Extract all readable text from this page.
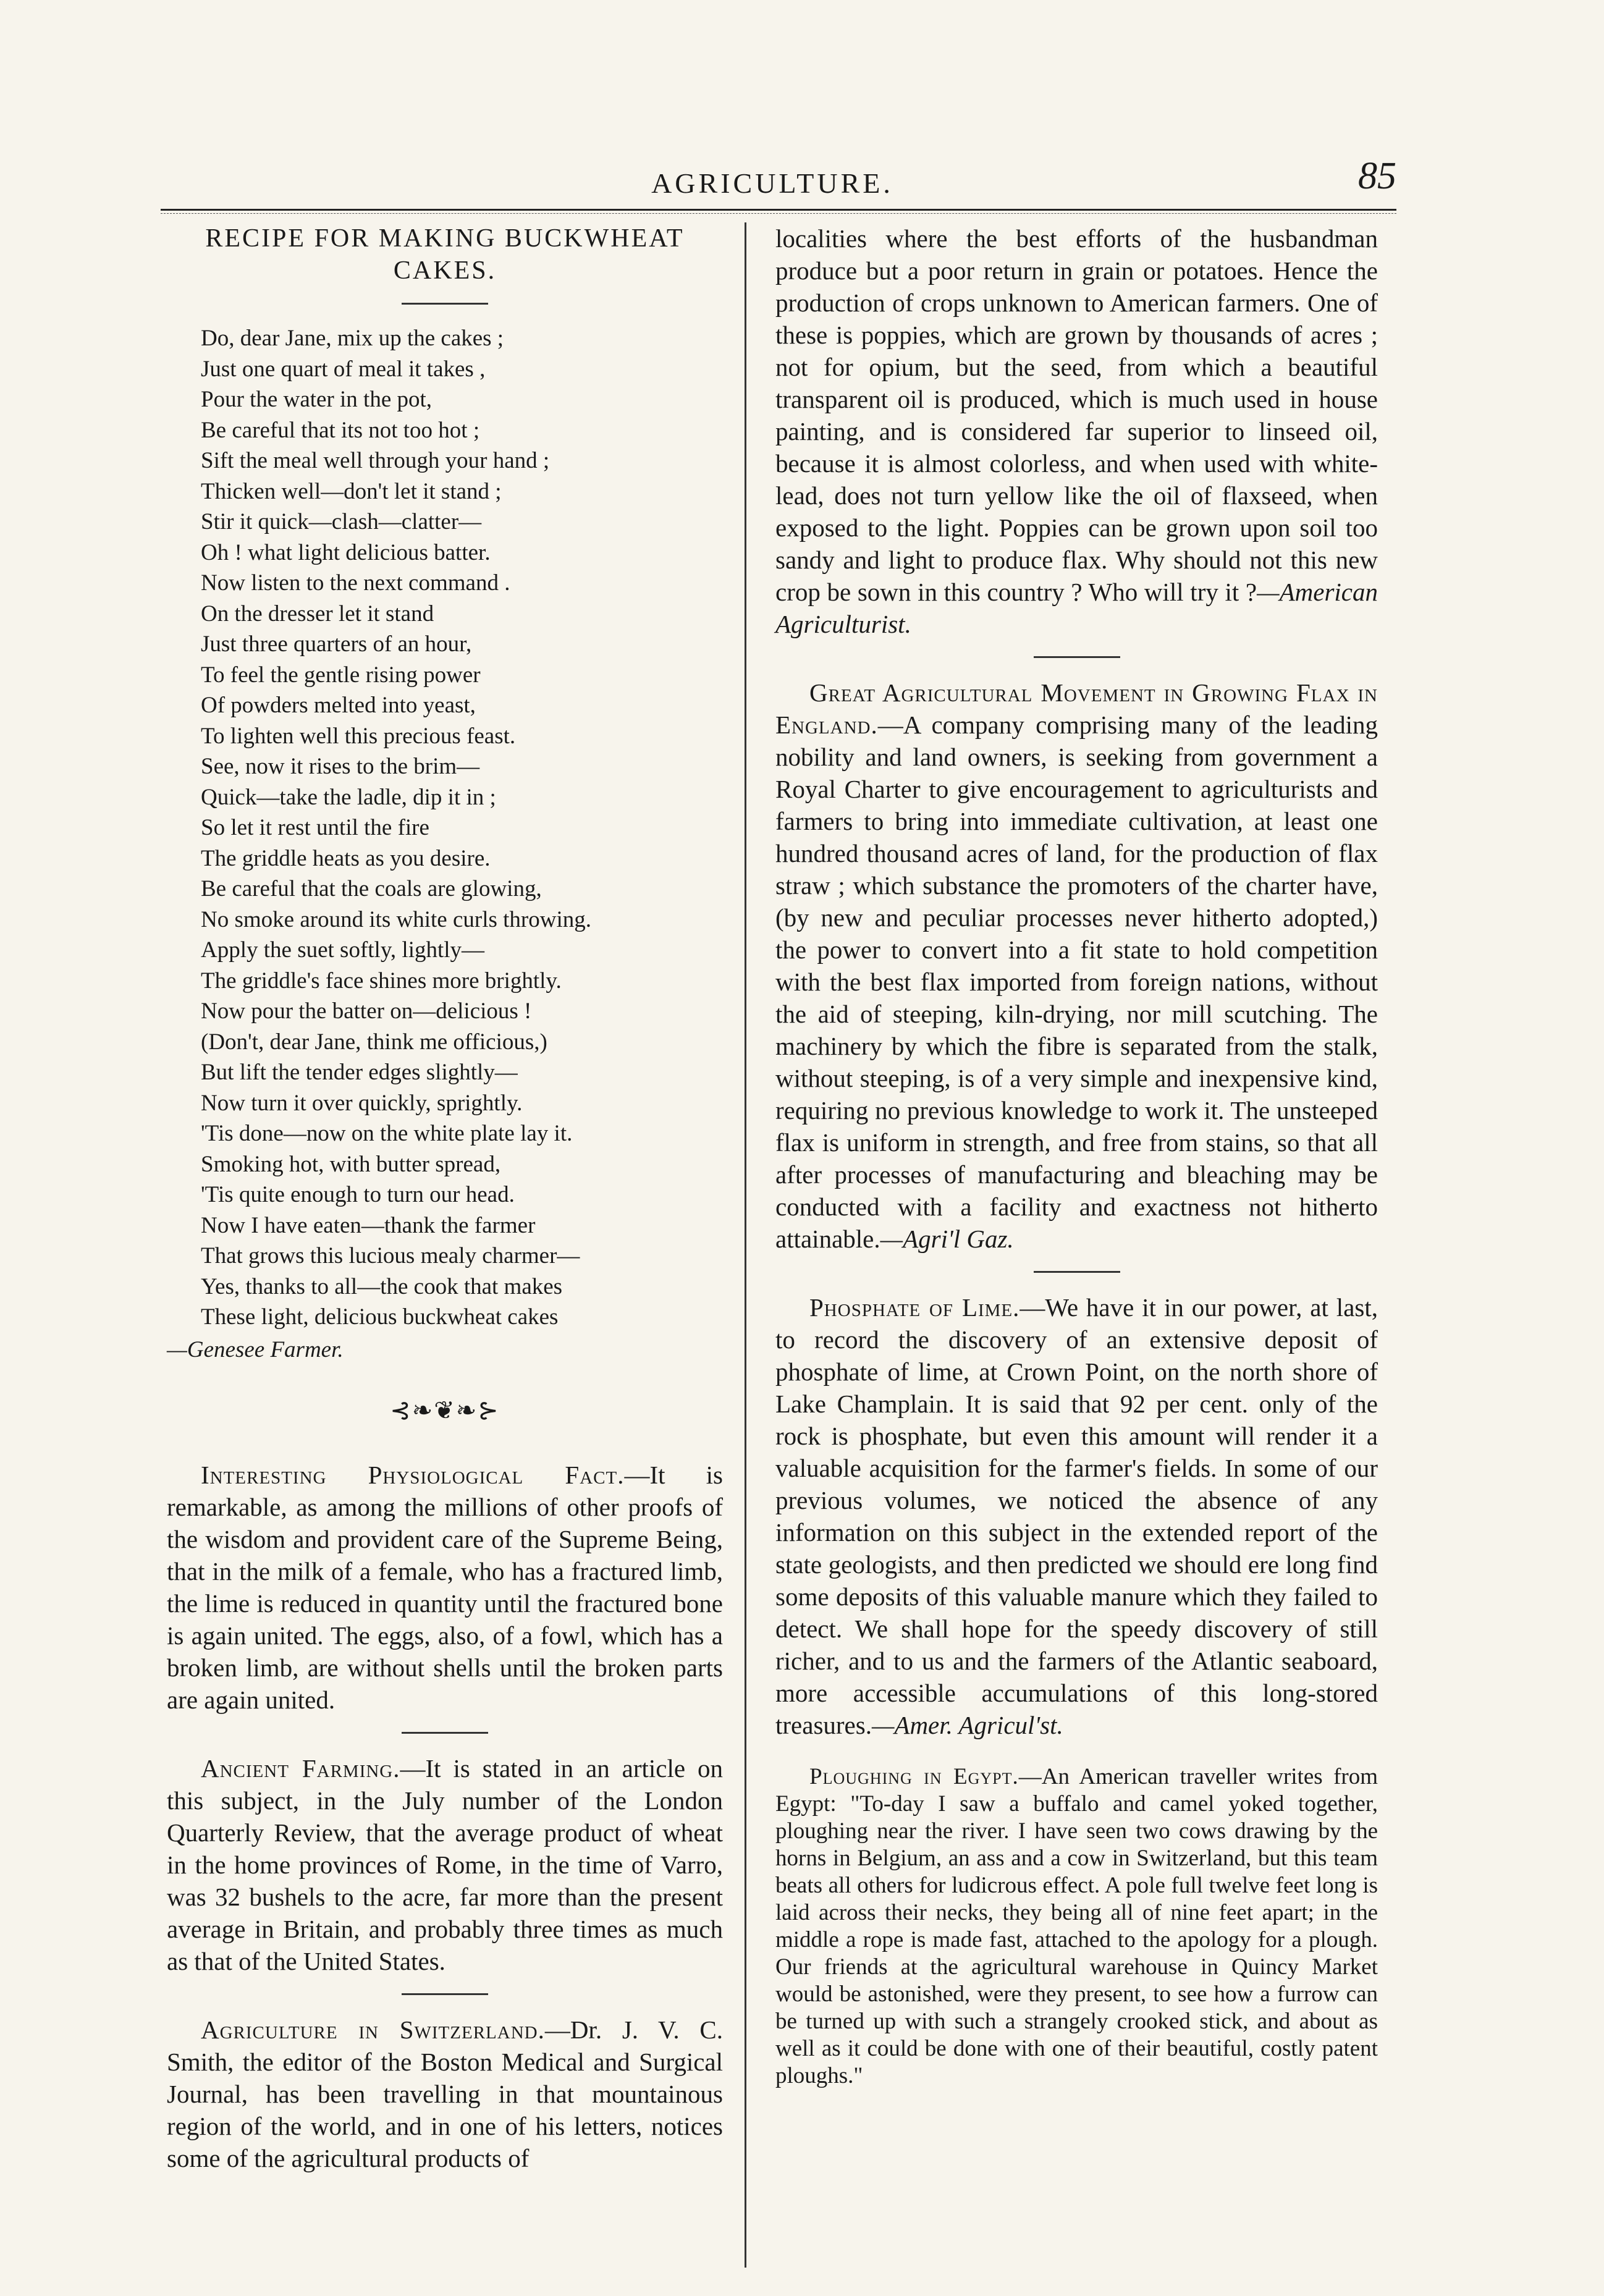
AGRICULTURE.	85
RECIPE FOR MAKING BUCKWHEAT CAKES.
Do, dear Jane, mix up the cakes ;
Just one quart of meal it takes ,
Pour the water in the pot,
Be careful that its not too hot ;
Sift the meal well through your hand ;
Thicken well—don't let it stand ;
Stir it quick—clash—clatter—
Oh ! what light delicious batter.
Now listen to the next command .
On the dresser let it stand
Just three quarters of an hour,
To feel the gentle rising power
Of powders melted into yeast,
To lighten well this precious feast.
See, now it rises to the brim—
Quick—take the ladle, dip it in ;
So let it rest until the fire
The griddle heats as you desire.
Be careful that the coals are glowing,
No smoke around its white curls throwing.
Apply the suet softly, lightly—
The griddle's face shines more brightly.
Now pour the batter on—delicious !
(Don't, dear Jane, think me officious,)
But lift the tender edges slightly—
Now turn it over quickly, sprightly.
'Tis done—now on the white plate lay it.
Smoking hot, with butter spread,
'Tis quite enough to turn our head.
Now I have eaten—thank the farmer
That grows this lucious mealy charmer—
Yes, thanks to all—the cook that makes
These light, delicious buckwheat cakes
—Genesee Farmer.
⊰❧❦❧⊱

Interesting Physiological Fact.—It is remarkable, as among the millions of other proofs of the wisdom and provident care of the Supreme Being, that in the milk of a female, who has a fractured limb, the lime is reduced in quantity until the fractured bone is again united. The eggs, also, of a fowl, which has a broken limb, are without shells until the broken parts are again united.

Ancient Farming.—It is stated in an article on this subject, in the July number of the London Quarterly Review, that the average product of wheat in the home provinces of Rome, in the time of Varro, was 32 bushels to the acre, far more than the present average in Britain, and probably three times as much as that of the United States.

Agriculture in Switzerland.—Dr. J. V. C. Smith, the editor of the Boston Medical and Surgical Journal, has been travelling in that mountainous region of the world, and in one of his letters, notices some of the agricultural products of

localities where the best efforts of the husbandman produce but a poor return in grain or potatoes. Hence the production of crops unknown to American farmers. One of these is poppies, which are grown by thousands of acres ; not for opium, but the seed, from which a beautiful transparent oil is produced, which is much used in house painting, and is considered far superior to linseed oil, because it is almost colorless, and when used with white-lead, does not turn yellow like the oil of flaxseed, when exposed to the light. Poppies can be grown upon soil too sandy and light to produce flax. Why should not this new crop be sown in this country ? Who will try it ?—American Agriculturist.

Great Agricultural Movement in Growing Flax in England.—A company comprising many of the leading nobility and land owners, is seeking from government a Royal Charter to give encouragement to agriculturists and farmers to bring into immediate cultivation, at least one hundred thousand acres of land, for the production of flax straw ; which substance the promoters of the charter have, (by new and peculiar processes never hitherto adopted,) the power to convert into a fit state to hold competition with the best flax imported from foreign nations, without the aid of steeping, kiln-drying, nor mill scutching. The machinery by which the fibre is separated from the stalk, without steeping, is of a very simple and inexpensive kind, requiring no previous knowledge to work it. The unsteeped flax is uniform in strength, and free from stains, so that all after processes of manufacturing and bleaching may be conducted with a facility and exactness not hitherto attainable.—Agri'l Gaz.

Phosphate of Lime.—We have it in our power, at last, to record the discovery of an extensive deposit of phosphate of lime, at Crown Point, on the north shore of Lake Champlain. It is said that 92 per cent. only of the rock is phosphate, but even this amount will render it a valuable acquisition for the farmer's fields. In some of our previous volumes, we noticed the absence of any information on this subject in the extended report of the state geologists, and then predicted we should ere long find some deposits of this valuable manure which they failed to detect. We shall hope for the speedy discovery of still richer, and to us and the farmers of the Atlantic seaboard, more accessible accumulations of this long-stored treasures.—Amer. Agricul'st.

Ploughing in Egypt.—An American traveller writes from Egypt: "To-day I saw a buffalo and camel yoked together, ploughing near the river. I have seen two cows drawing by the horns in Belgium, an ass and a cow in Switzerland, but this team beats all others for ludicrous effect. A pole full twelve feet long is laid across their necks, they being all of nine feet apart; in the middle a rope is made fast, attached to the apology for a plough. Our friends at the agricultural warehouse in Quincy Market would be astonished, were they present, to see how a furrow can be turned up with such a strangely crooked stick, and about as well as it could be done with one of their beautiful, costly patent ploughs."
